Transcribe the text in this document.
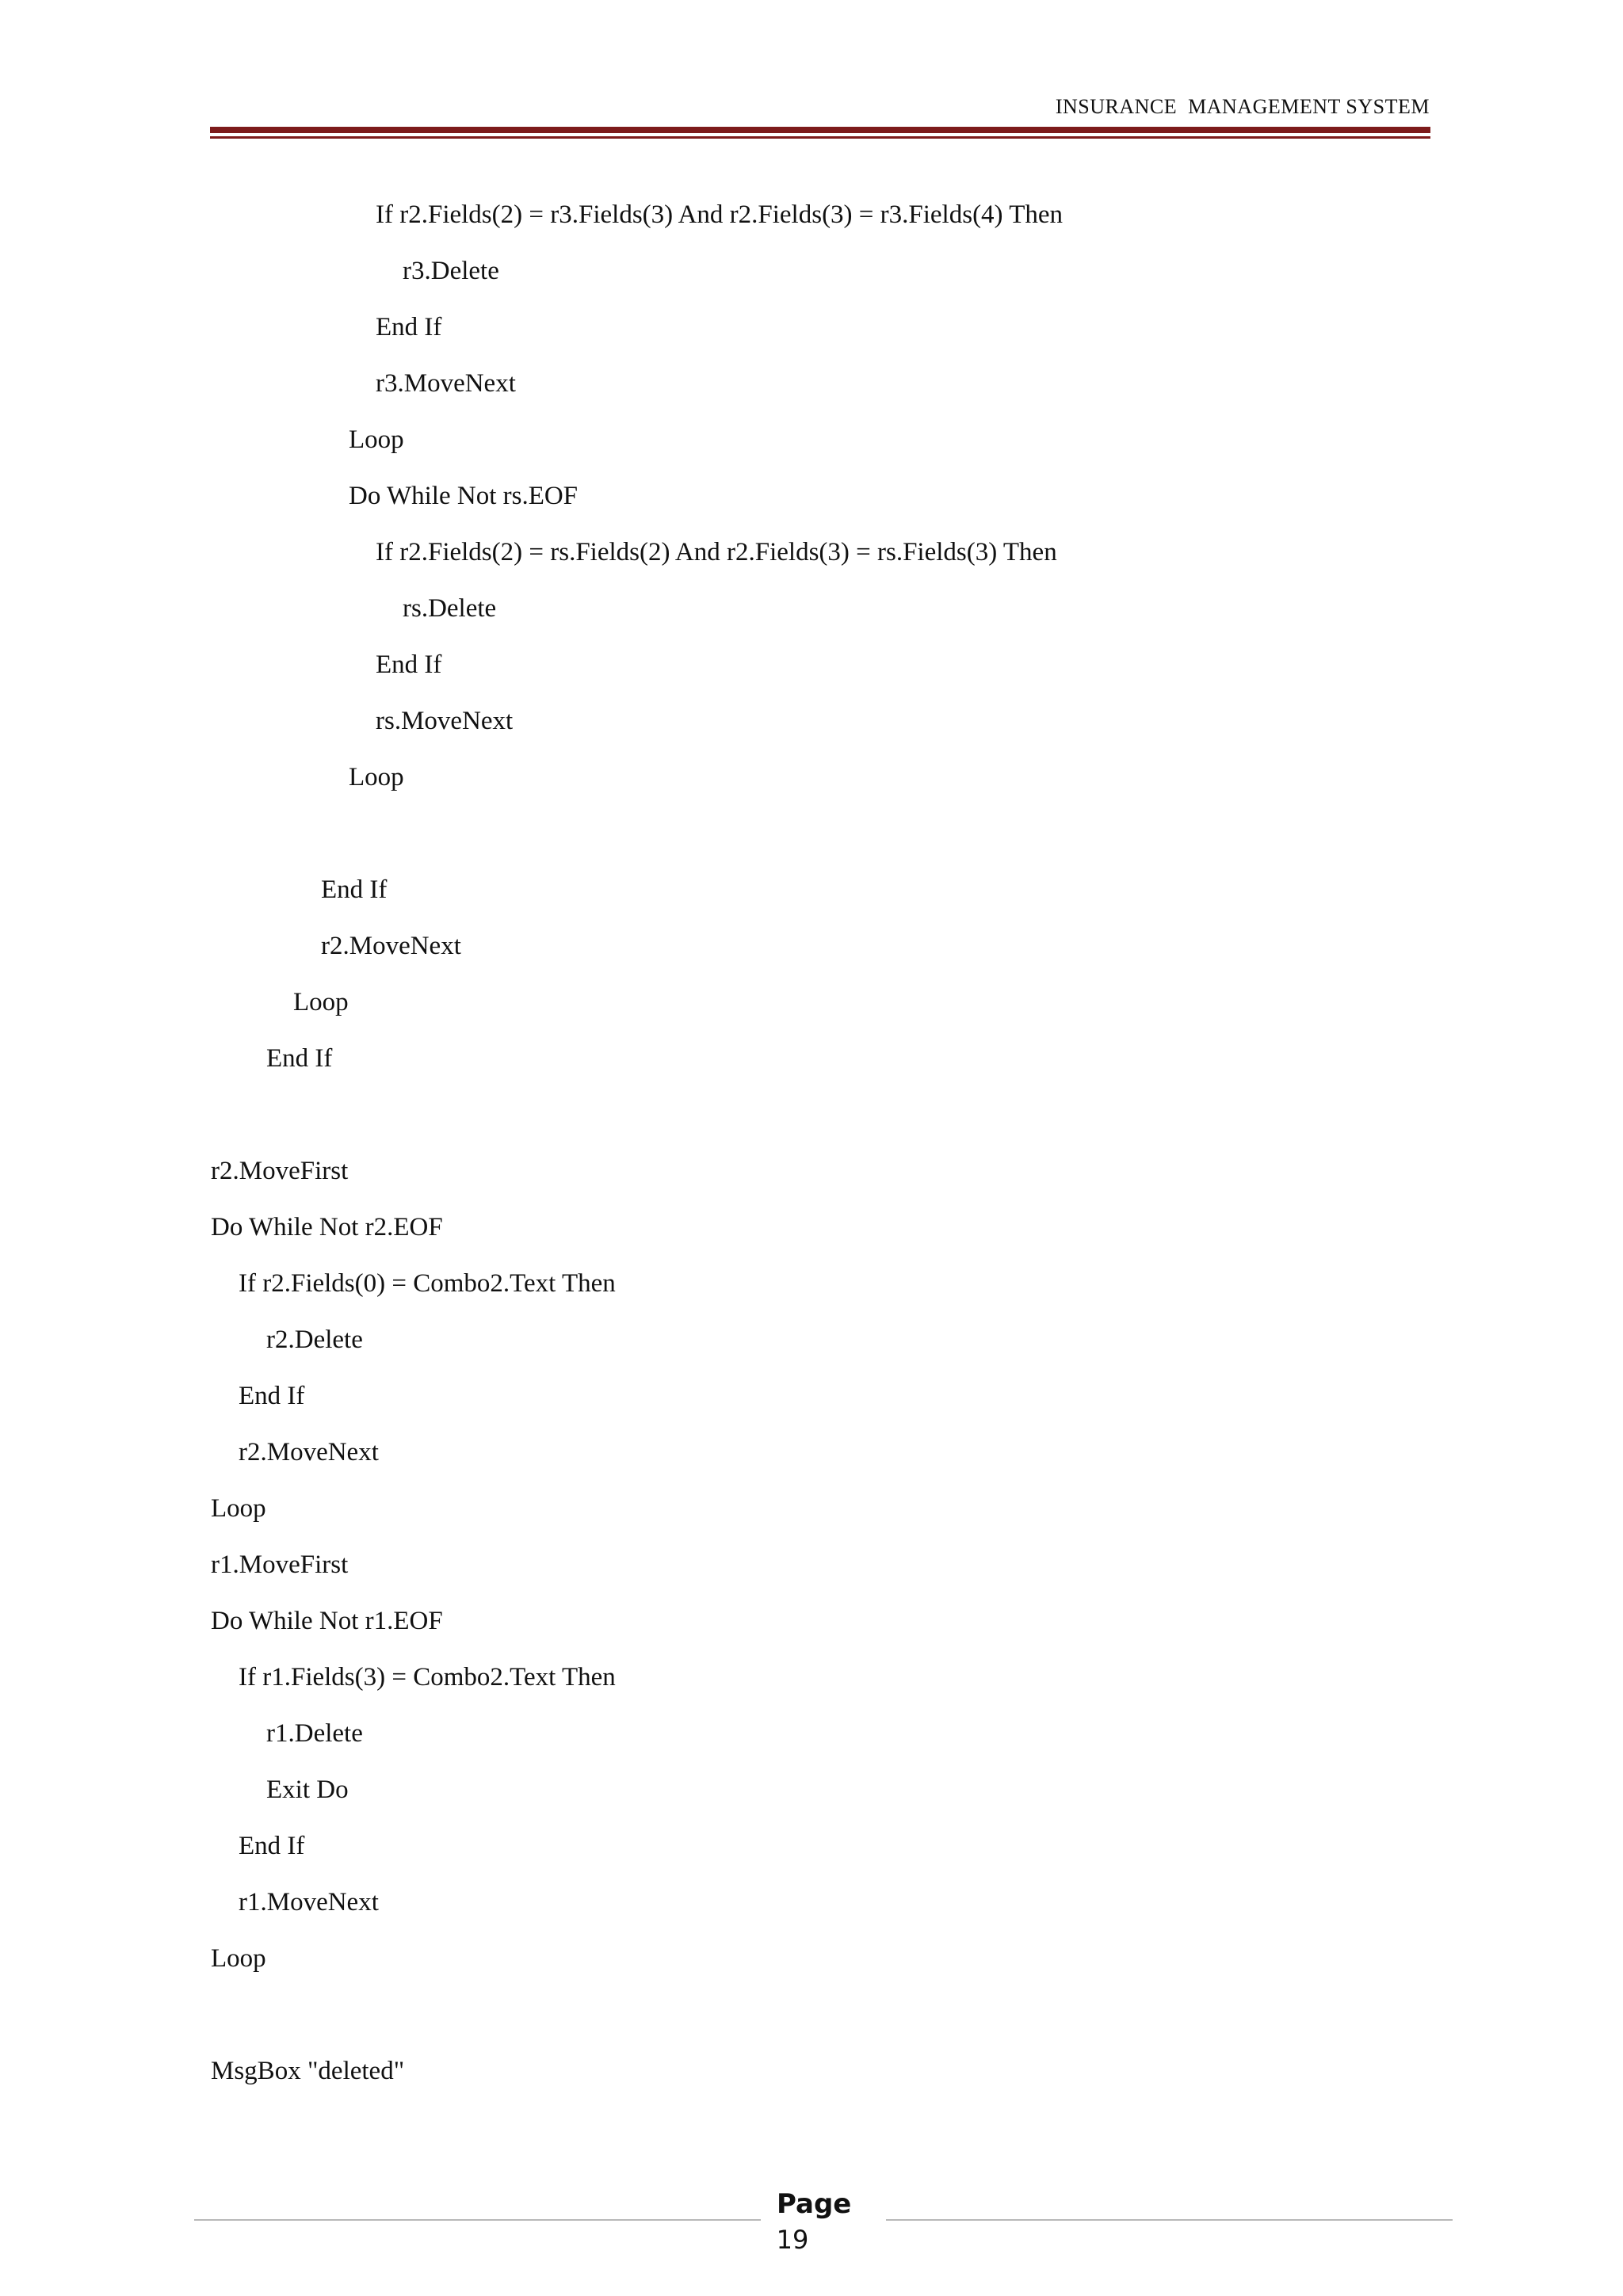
INSURANCE  MANAGEMENT SYSTEM
If r2.Fields(2) = r3.Fields(3) And r2.Fields(3) = r3.Fields(4) Then
r3.Delete
End If
r3.MoveNext
Loop
Do While Not rs.EOF
If r2.Fields(2) = rs.Fields(2) And r2.Fields(3) = rs.Fields(3) Then
rs.Delete
End If
rs.MoveNext
Loop
End If
r2.MoveNext
Loop
End If
r2.MoveFirst
Do While Not r2.EOF
If r2.Fields(0) = Combo2.Text Then
r2.Delete
End If
r2.MoveNext
Loop
r1.MoveFirst
Do While Not r1.EOF
If r1.Fields(3) = Combo2.Text Then
r1.Delete
Exit Do
End If
r1.MoveNext
Loop
MsgBox "deleted"
Page
19
